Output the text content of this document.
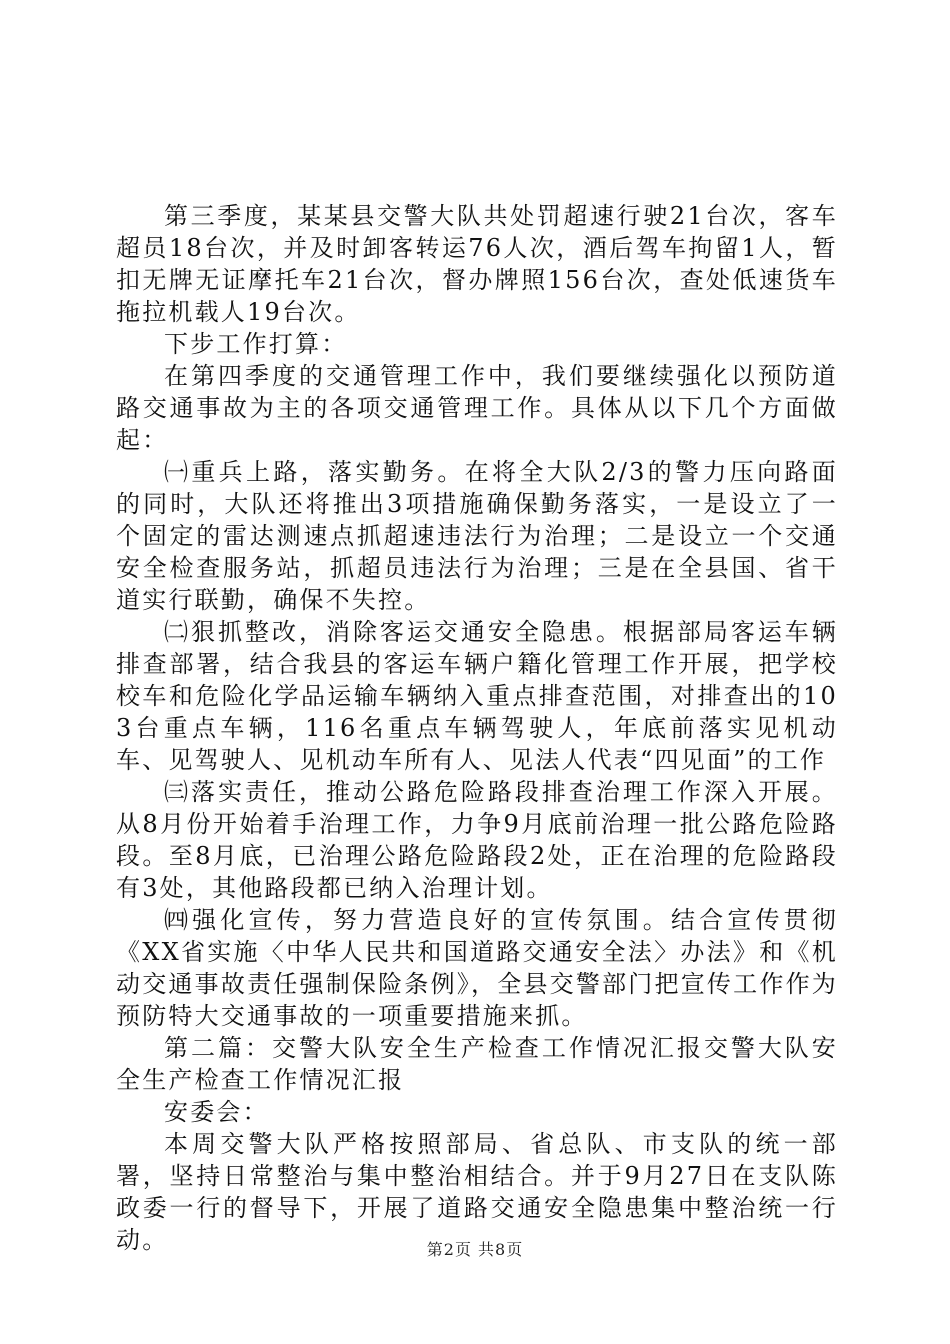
第三季度，某某县交警大队共处罚超速行驶21台次，客车超员18台次，并及时卸客转运76人次，酒后驾车拘留1人，暂扣无牌无证摩托车21台次，督办牌照156台次，查处低速货车拖拉机载人19台次。

下步工作打算：

在第四季度的交通管理工作中，我们要继续强化以预防道路交通事故为主的各项交通管理工作。具体从以下几个方面做起：

㈠重兵上路，落实勤务。在将全大队2/3的警力压向路面的同时，大队还将推出3项措施确保勤务落实，一是设立了一个固定的雷达测速点抓超速违法行为治理；二是设立一个交通安全检查服务站，抓超员违法行为治理；三是在全县国、省干道实行联勤，确保不失控。

㈡狠抓整改，消除客运交通安全隐患。根据部局客运车辆排查部署，结合我县的客运车辆户籍化管理工作开展，把学校校车和危险化学品运输车辆纳入重点排查范围，对排查出的103台重点车辆，116名重点车辆驾驶人，年底前落实见机动车、见驾驶人、见机动车所有人、见法人代表“四见面”的工作

㈢落实责任，推动公路危险路段排查治理工作深入开展。从8月份开始着手治理工作，力争9月底前治理一批公路危险路段。至8月底，已治理公路危险路段2处，正在治理的危险路段有3处，其他路段都已纳入治理计划。

㈣强化宣传，努力营造良好的宣传氛围。结合宣传贯彻《XX省实施〈中华人民共和国道路交通安全法〉办法》和《机动交通事故责任强制保险条例》，全县交警部门把宣传工作作为预防特大交通事故的一项重要措施来抓。

第二篇：交警大队安全生产检查工作情况汇报交警大队安全生产检查工作情况汇报

安委会：

本周交警大队严格按照部局、省总队、市支队的统一部署，坚持日常整治与集中整治相结合。并于9月27日在支队陈政委一行的督导下，开展了道路交通安全隐患集中整治统一行动。	第2页 共8页
